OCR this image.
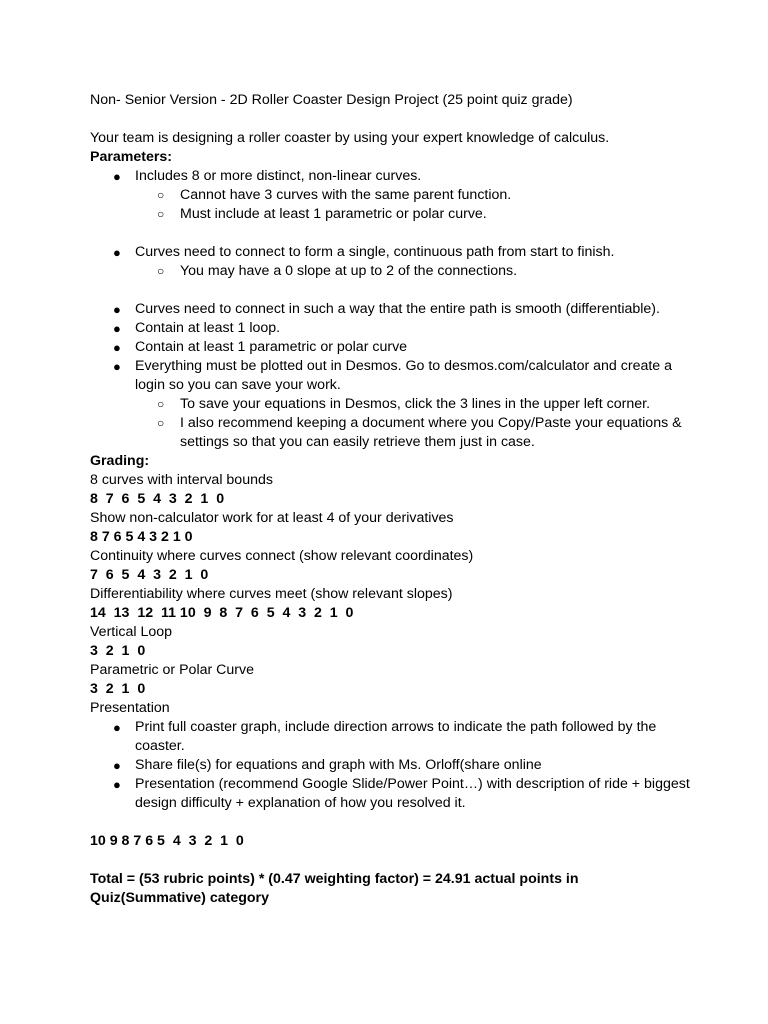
Non- Senior Version - 2D Roller Coaster Design Project (25 point quiz grade)
Your team is designing a roller coaster by using your expert knowledge of calculus.
Parameters:
● Includes 8 or more distinct, non-linear curves.
○ Cannot have 3 curves with the same parent function.
○ Must include at least 1 parametric or polar curve.
● Curves need to connect to form a single, continuous path from start to finish.
○ You may have a 0 slope at up to 2 of the connections.
● Curves need to connect in such a way that the entire path is smooth (differentiable).
● Contain at least 1 loop.
● Contain at least 1 parametric or polar curve
● Everything must be plotted out in Desmos. Go to desmos.com/calculator and create a login so you can save your work.
○ To save your equations in Desmos, click the 3 lines in the upper left corner.
○ I also recommend keeping a document where you Copy/Paste your equations & settings so that you can easily retrieve them just in case.
Grading:
8 curves with interval bounds
8  7  6  5  4  3  2  1  0
Show non-calculator work for at least 4 of your derivatives
8 7 6 5 4 3 2 1 0
Continuity where curves connect (show relevant coordinates)
7  6  5  4  3  2  1  0
Differentiability where curves meet (show relevant slopes)
14  13  12  11 10  9  8  7  6  5  4  3  2  1  0
Vertical Loop
3  2  1  0
Parametric or Polar Curve
3  2  1  0
Presentation
● Print full coaster graph, include direction arrows to indicate the path followed by the coaster.
● Share file(s) for equations and graph with Ms. Orloff(share online
● Presentation (recommend Google Slide/Power Point…) with description of ride + biggest design difficulty + explanation of how you resolved it.
10 9 8 7 6 5  4  3  2  1  0
Total = (53 rubric points) * (0.47 weighting factor) = 24.91 actual points in Quiz(Summative) category
